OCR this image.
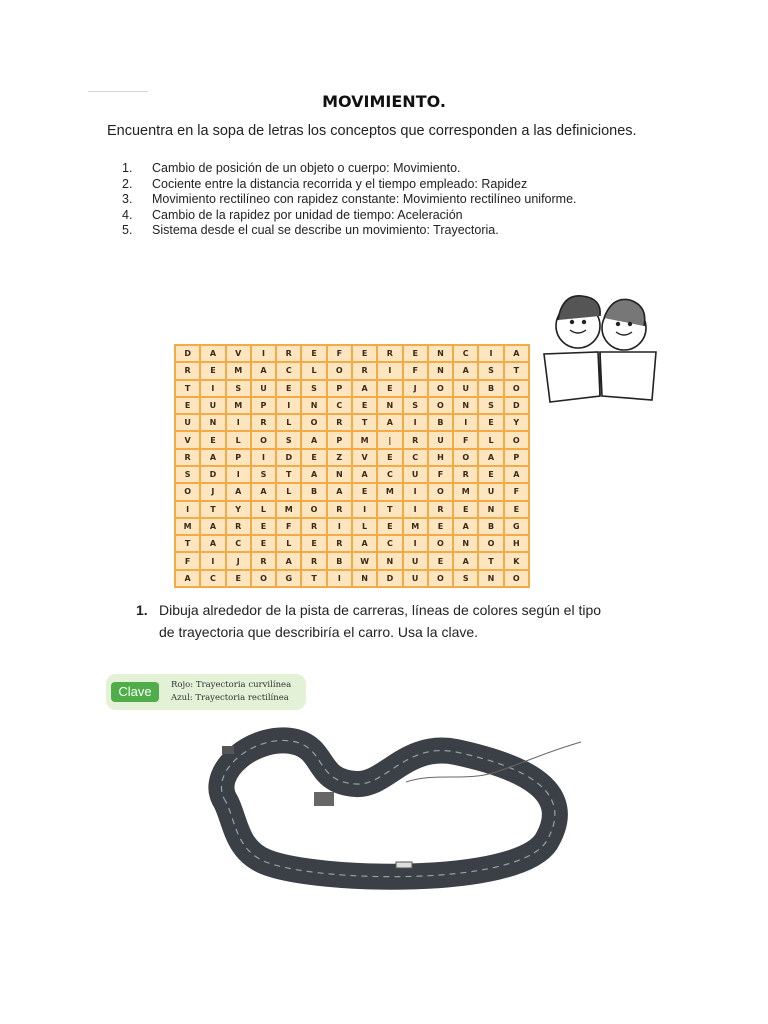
MOVIMIENTO.
Encuentra en la sopa de letras los conceptos que corresponden a las definiciones.
1.	Cambio de posición de un objeto o cuerpo: Movimiento.
2.	Cociente entre la distancia recorrida y el tiempo empleado: Rapidez
3.	Movimiento rectilíneo con rapidez constante: Movimiento rectilíneo uniforme.
4.	Cambio de la rapidez por unidad de tiempo: Aceleración
5.	Sistema desde el cual se describe un movimiento: Trayectoria.
D	A	V	I	R	E	F	E	R	E	N	C	I	A
R	E	M	A	C	L	O	R	I	F	N	A	S	T
T	I	S	U	E	S	P	A	E	J	O	U	B	O
E	U	M	P	I	N	C	E	N	S	O	N	S	D
U	N	I	R	L	O	R	T	A	I	B	I	E	Y
V	E	L	O	S	A	P	M	|	R	U	F	L	O
R	A	P	I	D	E	Z	V	E	C	H	O	A	P
S	D	I	S	T	A	N	A	C	U	F	R	E	A
O	J	A	A	L	B	A	E	M	I	O	M	U	F
I	T	Y	L	M	O	R	I	T	I	R	E	N	E
M	A	R	E	F	R	I	L	E	M	E	A	B	G
T	A	C	E	L	E	R	A	C	I	O	N	O	H
F	I	J	R	A	R	B	W	N	U	E	A	T	K
A	C	E	O	G	T	I	N	D	U	O	S	N	O
1. Dibuja alrededor de la pista de carreras, líneas de colores según el tipo de trayectoria que describiría el carro. Usa la clave.
Clave	Rojo: Trayectoria curvilínea
Azul: Trayectoria rectilínea
